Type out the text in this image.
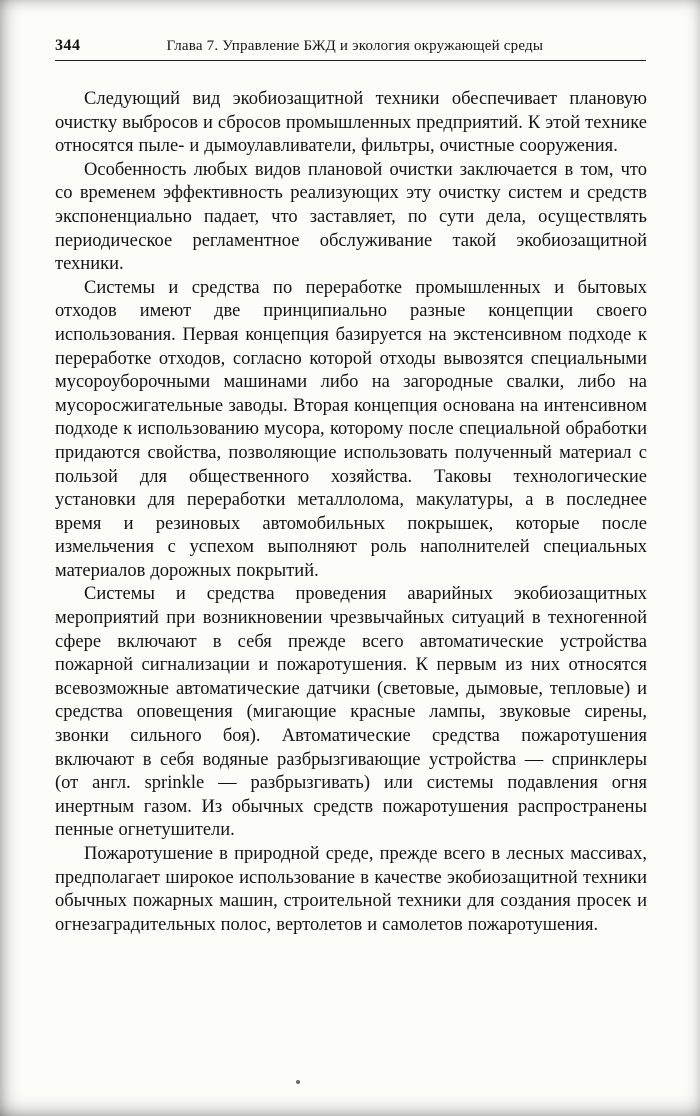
344	Глава 7. Управление БЖД и экология окружающей среды

Следующий вид экобиозащитной техники обеспечивает плановую очистку выбросов и сбросов промышленных предприятий. К этой технике относятся пыле- и дымоулавливатели, фильтры, очистные сооружения.

Особенность любых видов плановой очистки заключается в том, что со временем эффективность реализующих эту очистку систем и средств экспоненциально падает, что заставляет, по сути дела, осуществлять периодическое регламентное обслуживание такой экобиозащитной техники.

Системы и средства по переработке промышленных и бытовых отходов имеют две принципиально разные концепции своего использования. Первая концепция базируется на экстенсивном подходе к переработке отходов, согласно которой отходы вывозятся специальными мусороуборочными машинами либо на загородные свалки, либо на мусоросжигательные заводы. Вторая концепция основана на интенсивном подходе к использованию мусора, которому после специальной обработки придаются свойства, позволяющие использовать полученный материал с пользой для общественного хозяйства. Таковы технологические установки для переработки металлолома, макулатуры, а в последнее время и резиновых автомобильных покрышек, которые после измельчения с успехом выполняют роль наполнителей специальных материалов дорожных покрытий.

Системы и средства проведения аварийных экобиозащитных мероприятий при возникновении чрезвычайных ситуаций в техногенной сфере включают в себя прежде всего автоматические устройства пожарной сигнализации и пожаротушения. К первым из них относятся всевозможные автоматические датчики (световые, дымовые, тепловые) и средства оповещения (мигающие красные лампы, звуковые сирены, звонки сильного боя). Автоматические средства пожаротушения включают в себя водяные разбрызгивающие устройства — спринклеры (от англ. sprinkle — разбрызгивать) или системы подавления огня инертным газом. Из обычных средств пожаротушения распространены пенные огнетушители.

Пожаротушение в природной среде, прежде всего в лесных массивах, предполагает широкое использование в качестве экобиозащитной техники обычных пожарных машин, строительной техники для создания просек и огнезаградительных полос, вертолетов и самолетов пожаротушения.
